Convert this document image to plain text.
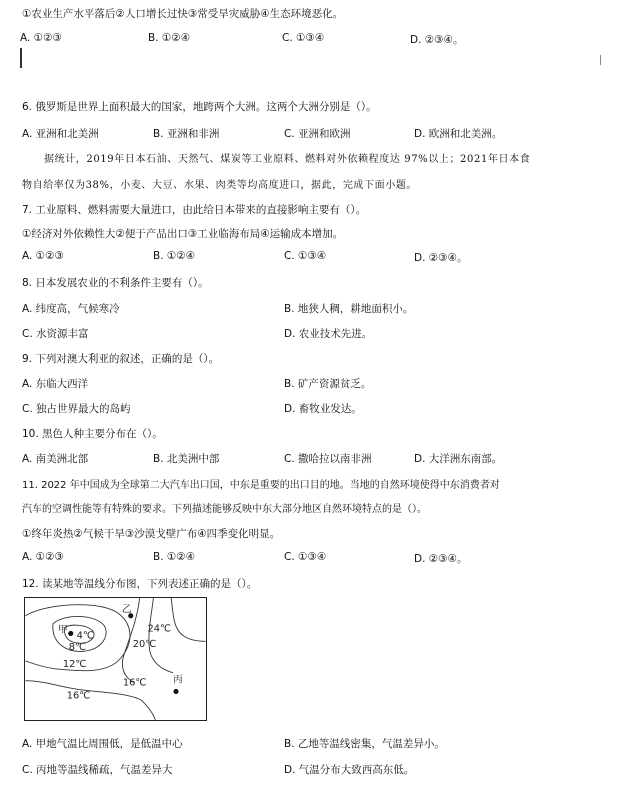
①农业生产水平落后②人口增长过快③常受旱灾威胁④生态环境恶化。
A. ①②③	B. ①②④	C. ①③④	D. ②③④。
6. 俄罗斯是世界上面积最大的国家，地跨两个大洲。这两个大洲分别是（）。
A. 亚洲和北美洲	B. 亚洲和非洲	C. 亚洲和欧洲	D. 欧洲和北美洲。
据统计，2019年日本石油、天然气、煤炭等工业原料、燃料对外依赖程度达 97%以上；2021年日本食
物自给率仅为38%，小麦、大豆、水果、肉类等均高度进口，据此，完成下面小题。
7. 工业原料、燃料需要大量进口，由此给日本带来的直接影响主要有（）。
①经济对外依赖性大②便于产品出口③工业临海布局④运输成本增加。
A. ①②③	B. ①②④	C. ①③④	D. ②③④。
8. 日本发展农业的不利条件主要有（）。
A. 纬度高，气候寒冷	B. 地狭人稠，耕地面积小。
C. 水资源丰富	D. 农业技术先进。
9. 下列对澳大利亚的叙述，正确的是（）。
A. 东临大西洋	B. 矿产资源贫乏。
C. 独占世界最大的岛屿	D. 畜牧业发达。
10. 黑色人种主要分布在（）。
A. 南美洲北部	B. 北美洲中部	C. 撒哈拉以南非洲	D. 大洋洲东南部。
11. 2022 年中国成为全球第二大汽车出口国，中东是重要的出口目的地。当地的自然环境使得中东消费者对
汽车的空调性能等有特殊的要求。下列描述能够反映中东大部分地区自然环境特点的是（）。
①终年炎热②气候干旱③沙漠戈壁广布④四季变化明显。
A. ①②③	B. ①②④	C. ①③④	D. ②③④。
12. 读某地等温线分布图，下列表述正确的是（）。
甲
乙
丙
4℃
8℃
12℃
16℃
16℃
20℃
24℃
A. 甲地气温比周围低，是低温中心	B. 乙地等温线密集，气温差异小。
C. 丙地等温线稀疏，气温差异大	D. 气温分布大致西高东低。
